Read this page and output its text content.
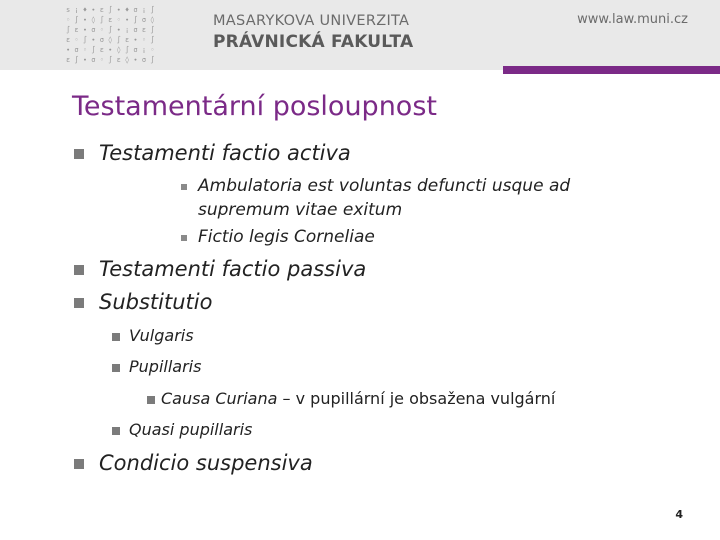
s ¡ ♦ ∙ ε ∫ ∙ ♦ σ ¡ ∫
◦ ∫ ∙ ◊ ∫ ε ◦ ∙ ∫ σ ◊
∫ ε ∙ σ ◦ ∫ ∙ ¡ σ ε ∫
ε ◦ ∫ ∙ σ ◊ ∫ ε ∙ ◦ ∫
∙ σ ◦ ∫ ε ∙ ◊ ∫ σ ¡ ◦
ε ∫ ∙ σ ◦ ∫ ε ◊ ∙ σ ∫
MASARYKOVA UNIVERZITA
PRÁVNICKÁ FAKULTA
www.law.muni.cz
Testamentární posloupnost
Testamenti factio activa
Ambulatoria est voluntas defuncti usque ad
supremum vitae exitum
Fictio legis Corneliae
Testamenti factio passiva
Substitutio
Vulgaris
Pupillaris
Causa Curiana – v pupillární je obsažena vulgární
Quasi pupillaris
Condicio suspensiva
4
